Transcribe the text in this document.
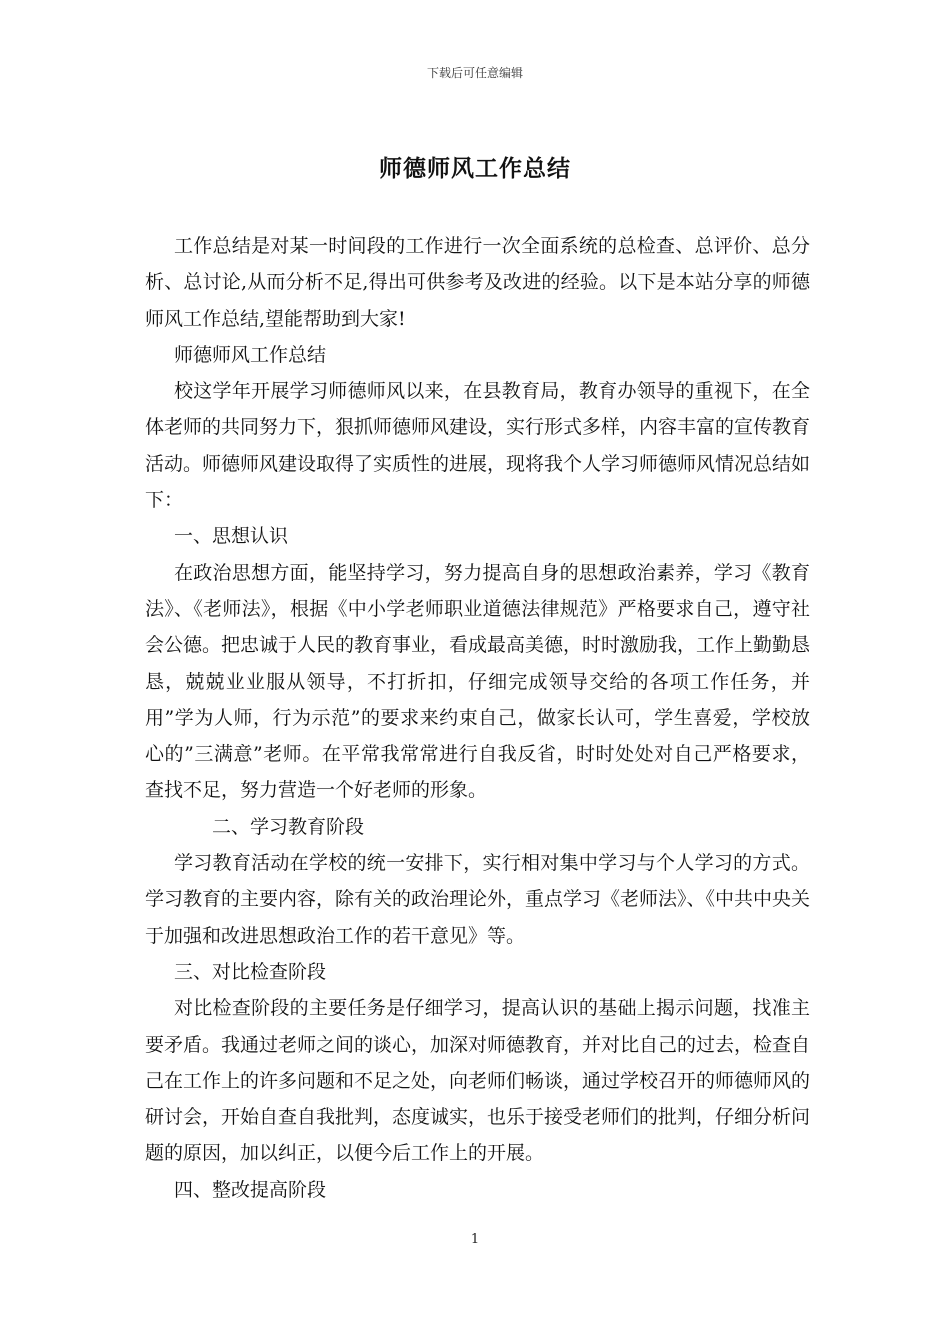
下载后可任意编辑
师德师风工作总结

工作总结是对某一时间段的工作进行一次全面系统的总检查、总评价、总分析、总讨论,从而分析不足,得出可供参考及改进的经验。以下是本站分享的师德师风工作总结,望能帮助到大家!

师德师风工作总结

校这学年开展学习师德师风以来，在县教育局，教育办领导的重视下，在全体老师的共同努力下，狠抓师德师风建设，实行形式多样，内容丰富的宣传教育活动。师德师风建设取得了实质性的进展，现将我个人学习师德师风情况总结如下：

一、思想认识

在政治思想方面，能坚持学习，努力提高自身的思想政治素养，学习《教育法》、《老师法》，根据《中小学老师职业道德法律规范》严格要求自己，遵守社会公德。把忠诚于人民的教育事业，看成最高美德，时时激励我，工作上勤勤恳恳，兢兢业业服从领导，不打折扣，仔细完成领导交给的各项工作任务，并用”学为人师，行为示范”的要求来约束自己，做家长认可，学生喜爱，学校放心的”三满意”老师。在平常我常常进行自我反省，时时处处对自己严格要求，查找不足，努力营造一个好老师的形象。

二、学习教育阶段

学习教育活动在学校的统一安排下，实行相对集中学习与个人学习的方式。学习教育的主要内容，除有关的政治理论外，重点学习《老师法》、《中共中央关于加强和改进思想政治工作的若干意见》等。

三、对比检查阶段

对比检查阶段的主要任务是仔细学习，提高认识的基础上揭示问题，找准主要矛盾。我通过老师之间的谈心，加深对师德教育，并对比自己的过去，检查自己在工作上的许多问题和不足之处，向老师们畅谈，通过学校召开的师德师风的研讨会，开始自查自我批判，态度诚实，也乐于接受老师们的批判，仔细分析问题的原因，加以纠正，以便今后工作上的开展。

四、整改提高阶段

1
